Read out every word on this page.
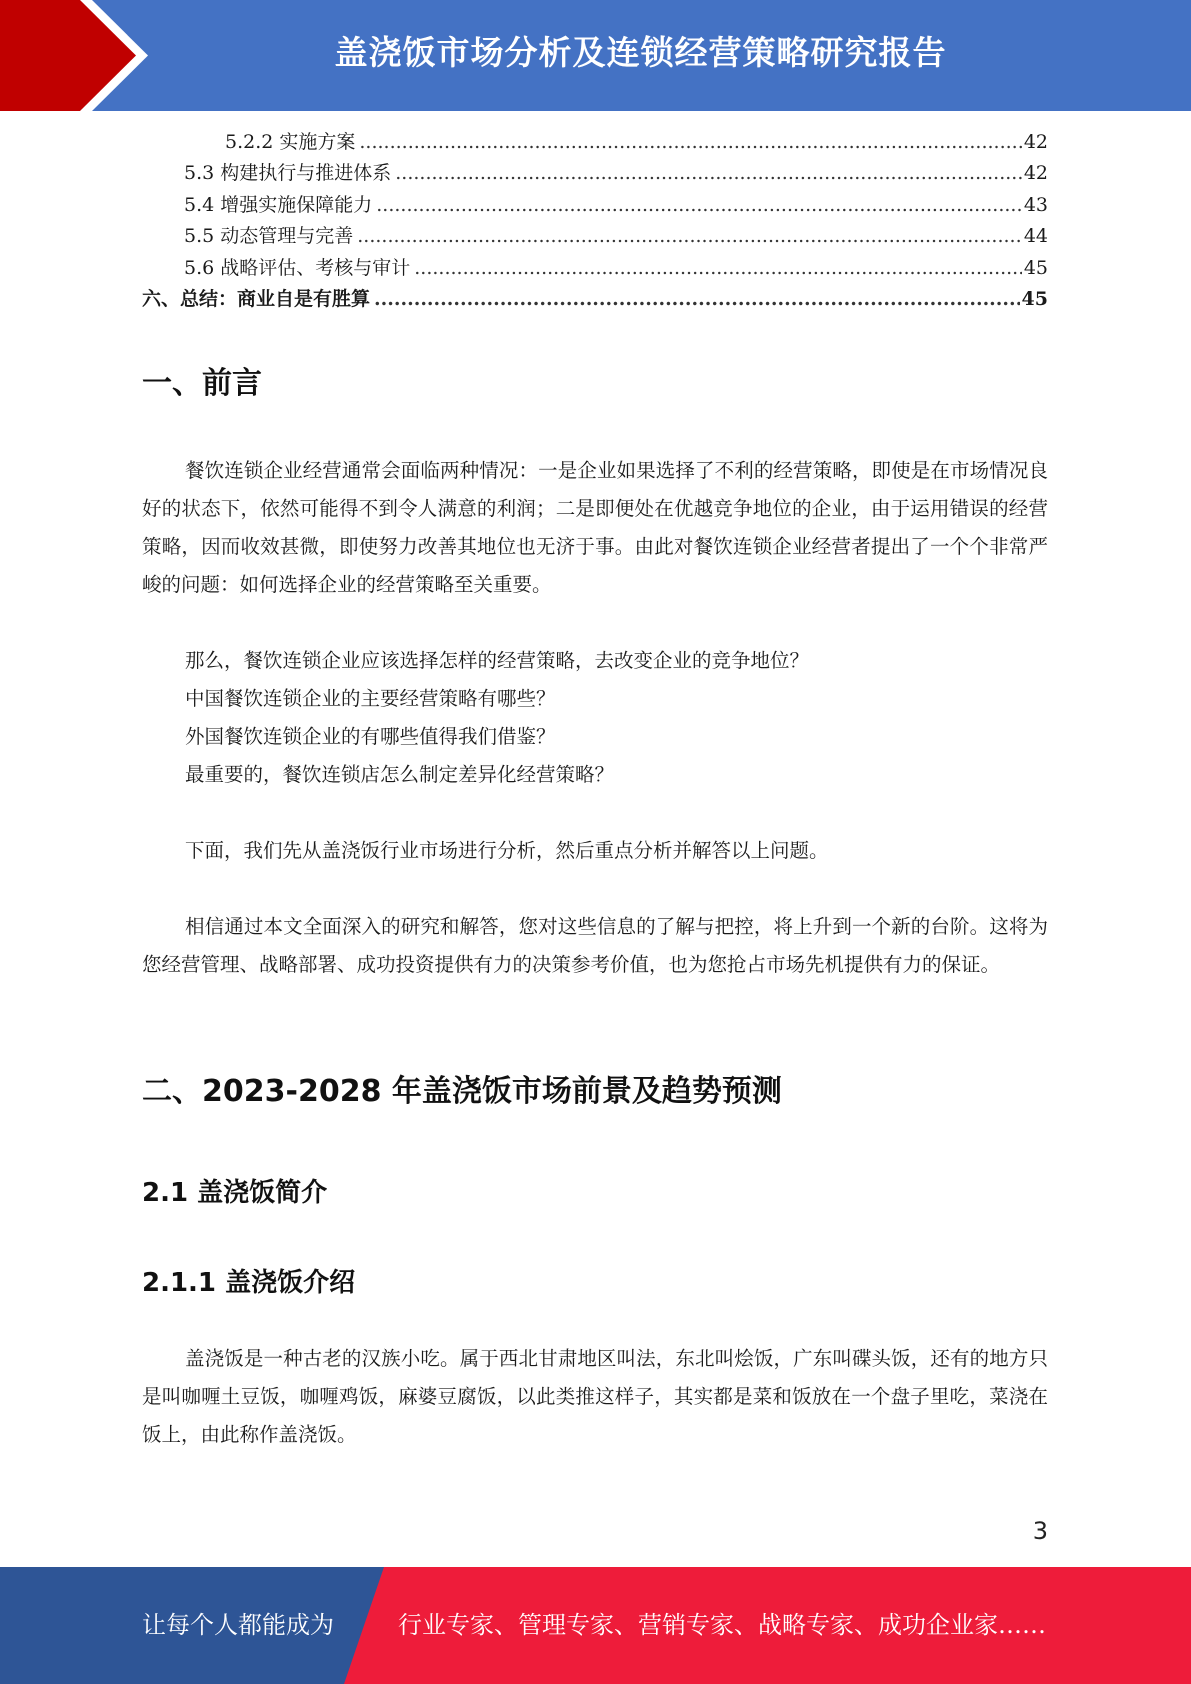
盖浇饭市场分析及连锁经营策略研究报告
5.2.2 实施方案 .....	42
5.3 构建执行与推进体系 .....	42
5.4 增强实施保障能力 .....	43
5.5 动态管理与完善 .....	44
5.6 战略评估、考核与审计 .....	45
六、总结：商业自是有胜算 .....	45
一、前言
餐饮连锁企业经营通常会面临两种情况：一是企业如果选择了不利的经营策略，即使是在市场情况良好的状态下，依然可能得不到令人满意的利润；二是即便处在优越竞争地位的企业，由于运用错误的经营策略，因而收效甚微，即使努力改善其地位也无济于事。由此对餐饮连锁企业经营者提出了一个个非常严峻的问题：如何选择企业的经营策略至关重要。
那么，餐饮连锁企业应该选择怎样的经营策略，去改变企业的竞争地位？
中国餐饮连锁企业的主要经营策略有哪些？
外国餐饮连锁企业的有哪些值得我们借鉴？
最重要的，餐饮连锁店怎么制定差异化经营策略？
下面，我们先从盖浇饭行业市场进行分析，然后重点分析并解答以上问题。
相信通过本文全面深入的研究和解答，您对这些信息的了解与把控，将上升到一个新的台阶。这将为您经营管理、战略部署、成功投资提供有力的决策参考价值，也为您抢占市场先机提供有力的保证。
二、2023-2028 年盖浇饭市场前景及趋势预测
2.1 盖浇饭简介
2.1.1 盖浇饭介绍
盖浇饭是一种古老的汉族小吃。属于西北甘肃地区叫法，东北叫烩饭，广东叫碟头饭，还有的地方只是叫咖喱土豆饭，咖喱鸡饭，麻婆豆腐饭，以此类推这样子，其实都是菜和饭放在一个盘子里吃，菜浇在饭上，由此称作盖浇饭。
3
让每个人都能成为	行业专家、管理专家、营销专家、战略专家、成功企业家……
